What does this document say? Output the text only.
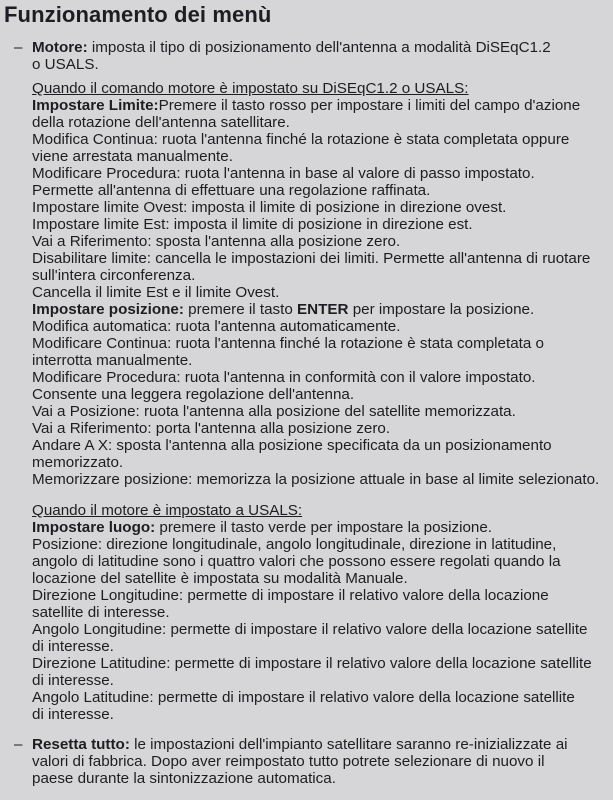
Funzionamento dei menù
– Motore: imposta il tipo di posizionamento dell'antenna a modalità DiSEqC1.2
o USALS.
Quando il comando motore è impostato su DiSEqC1.2 o USALS:
Impostare Limite:Premere il tasto rosso per impostare i limiti del campo d'azione
della rotazione dell'antenna satellitare.
Modifica Continua: ruota l'antenna finché la rotazione è stata completata oppure
viene arrestata manualmente.
Modificare Procedura: ruota l'antenna in base al valore di passo impostato.
Permette all'antenna di effettuare una regolazione raffinata.
Impostare limite Ovest: imposta il limite di posizione in direzione ovest.
Impostare limite Est: imposta il limite di posizione in direzione est.
Vai a Riferimento: sposta l'antenna alla posizione zero.
Disabilitare limite: cancella le impostazioni dei limiti. Permette all'antenna di ruotare
sull'intera circonferenza.
Cancella il limite Est e il limite Ovest.
Impostare posizione: premere il tasto ENTER per impostare la posizione.
Modifica automatica: ruota l'antenna automaticamente.
Modificare Continua: ruota l'antenna finché la rotazione è stata completata o
interrotta manualmente.
Modificare Procedura: ruota l'antenna in conformità con il valore impostato.
Consente una leggera regolazione dell'antenna.
Vai a Posizione: ruota l'antenna alla posizione del satellite memorizzata.
Vai a Riferimento: porta l'antenna alla posizione zero.
Andare A X: sposta l'antenna alla posizione specificata da un posizionamento
memorizzato.
Memorizzare posizione: memorizza la posizione attuale in base al limite selezionato.
Quando il motore è impostato a USALS:
Impostare luogo: premere il tasto verde per impostare la posizione.
Posizione: direzione longitudinale, angolo longitudinale, direzione in latitudine,
angolo di latitudine sono i quattro valori che possono essere regolati quando la
locazione del satellite è impostata su modalità Manuale.
Direzione Longitudine: permette di impostare il relativo valore della locazione
satellite di interesse.
Angolo Longitudine: permette di impostare il relativo valore della locazione satellite
di interesse.
Direzione Latitudine: permette di impostare il relativo valore della locazione satellite
di interesse.
Angolo Latitudine: permette di impostare il relativo valore della locazione satellite
di interesse.
– Resetta tutto: le impostazioni dell'impianto satellitare saranno re-inizializzate ai
valori di fabbrica. Dopo aver reimpostato tutto potrete selezionare di nuovo il
paese durante la sintonizzazione automatica.
